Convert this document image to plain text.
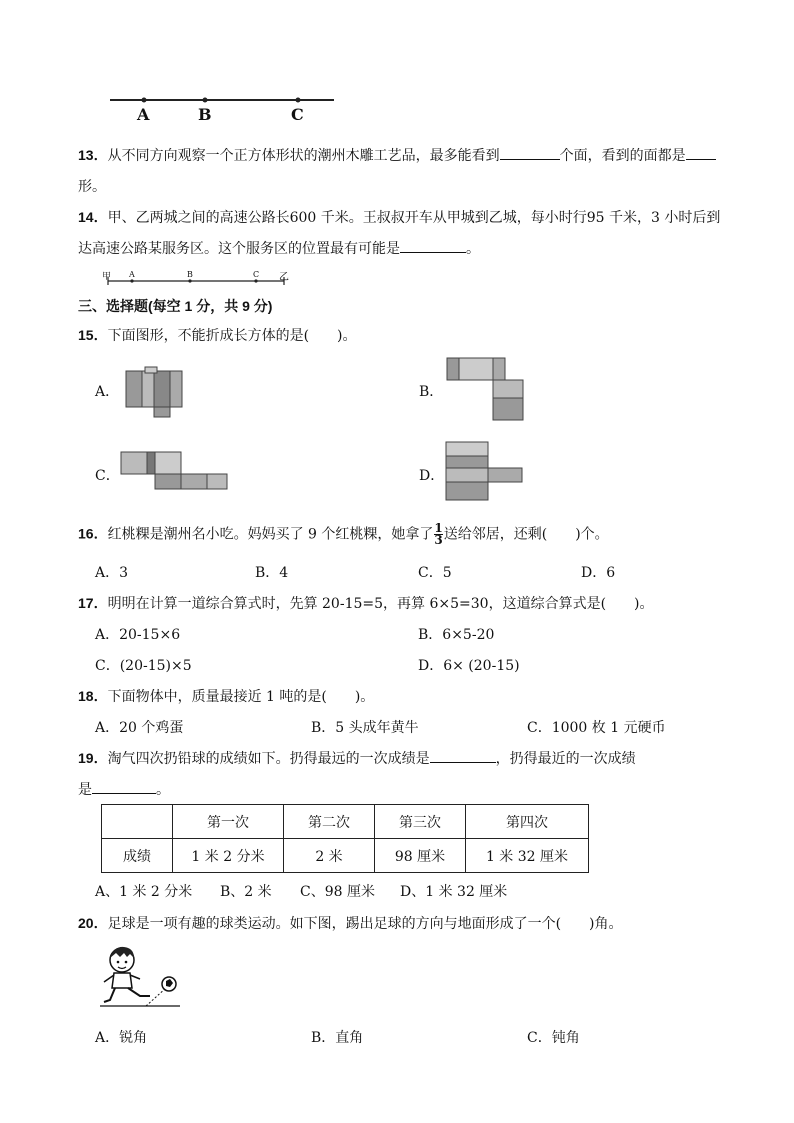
A	B	C
13．从不同方向观察一个正方体形状的潮州木雕工艺品，最多能看到	个面，看到的面都是
形。
14．甲、乙两城之间的高速公路长600 千米。王叔叔开车从甲城到乙城，每小时行95 千米，3 小时后到
达高速公路某服务区。这个服务区的位置最有可能是	。
甲 A	B	C 乙
三、选择题(每空 1 分，共 9 分)
15．下面图形，不能折成长方体的是(　　)。
A．	B．
C．	D．
16．红桃粿是潮州名小吃。妈妈买了 9 个红桃粿，她拿了 $\frac{1}{3}$ 送给邻居，还剩(　　)个。
A．3	B．4	C．5	D．6
17．明明在计算一道综合算式时，先算 20-15=5，再算 6×5=30，这道综合算式是(　　)。
A．20-15×6	B．6×5-20
C．(20-15)×5	D．6× (20-15)
18．下面物体中，质量最接近 1 吨的是(　　)。
A．20 个鸡蛋	B．5 头成年黄牛	C．1000 枚 1 元硬币
19．淘气四次扔铅球的成绩如下。扔得最远的一次成绩是	，扔得最近的一次成绩
是	。
	第一次	第二次	第三次	第四次
成绩	1 米 2 分米	2 米	98 厘米	1 米 32 厘米
A、1 米 2 分米 B、2 米 C、98 厘米 D、1 米 32 厘米
20．足球是一项有趣的球类运动。如下图，踢出足球的方向与地面形成了一个(　　)角。
A．锐角	B．直角	C．钝角
